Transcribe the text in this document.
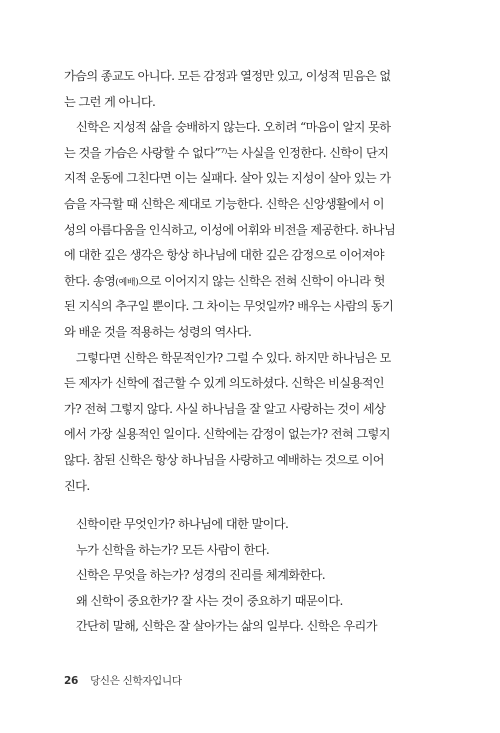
가슴의 종교도 아니다. 모든 감정과 열정만 있고, 이성적 믿음은 없
는 그런 게 아니다.
신학은 지성적 삶을 숭배하지 않는다. 오히려 “마음이 알지 못하
는 것을 가슴은 사랑할 수 없다”⁷⁾는 사실을 인정한다. 신학이 단지
지적 운동에 그친다면 이는 실패다. 살아 있는 지성이 살아 있는 가
슴을 자극할 때 신학은 제대로 기능한다. 신학은 신앙생활에서 이
성의 아름다움을 인식하고, 이성에 어휘와 비전을 제공한다. 하나님
에 대한 깊은 생각은 항상 하나님에 대한 깊은 감정으로 이어져야
한다. 송영(예배)으로 이어지지 않는 신학은 전혀 신학이 아니라 헛
된 지식의 추구일 뿐이다. 그 차이는 무엇일까? 배우는 사람의 동기
와 배운 것을 적용하는 성령의 역사다.
그렇다면 신학은 학문적인가? 그럴 수 있다. 하지만 하나님은 모
든 제자가 신학에 접근할 수 있게 의도하셨다. 신학은 비실용적인
가? 전혀 그렇지 않다. 사실 하나님을 잘 알고 사랑하는 것이 세상
에서 가장 실용적인 일이다. 신학에는 감정이 없는가? 전혀 그렇지
않다. 참된 신학은 항상 하나님을 사랑하고 예배하는 것으로 이어
진다.
신학이란 무엇인가? 하나님에 대한 말이다.
누가 신학을 하는가? 모든 사람이 한다.
신학은 무엇을 하는가? 성경의 진리를 체계화한다.
왜 신학이 중요한가? 잘 사는 것이 중요하기 때문이다.
간단히 말해, 신학은 잘 살아가는 삶의 일부다. 신학은 우리가
26 당신은 신학자입니다
